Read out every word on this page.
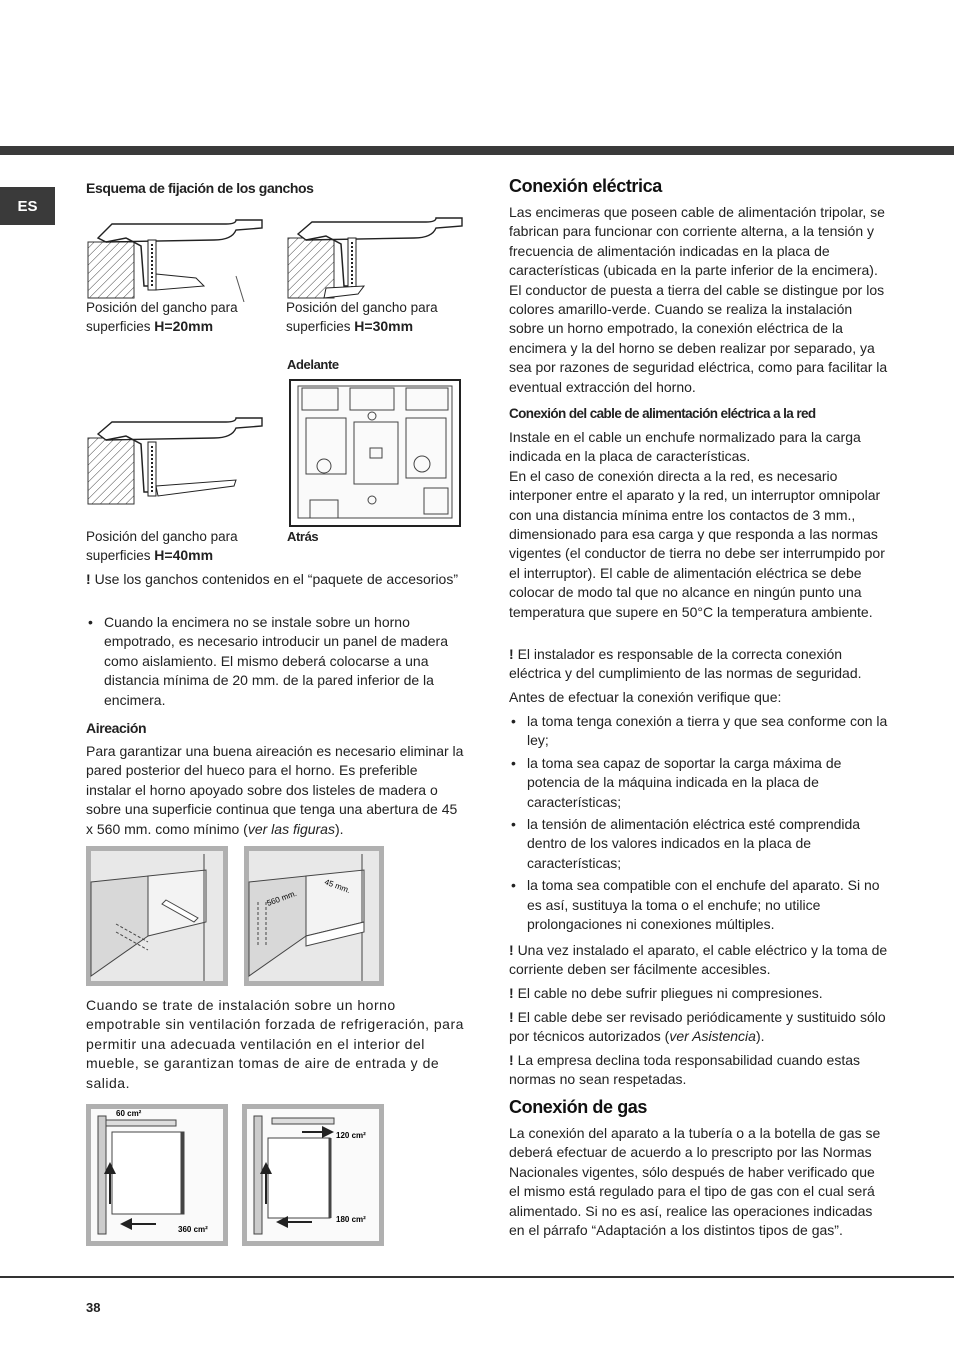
ES
Esquema de fijación de los ganchos
Posición del gancho para superficies H=20mm
Posición del gancho para superficies H=30mm
Adelante
Atrás
Posición del gancho para superficies H=40mm
! Use los ganchos contenidos en el “paquete de accesorios”
• Cuando la encimera no se instale sobre un horno empotrado, es necesario introducir un panel de madera como aislamiento. El mismo deberá colocarse a una distancia mínima de 20 mm. de la pared inferior de la encimera.
Aireación
Para garantizar una buena aireación es necesario eliminar la pared posterior del hueco para el horno. Es preferible instalar el horno apoyado sobre dos listeles de madera o sobre una superficie continua que tenga una abertura de 45 x 560 mm. como mínimo (ver las figuras).
560 mm.
45 mm.
Cuando se trate de instalación sobre un horno empotrable sin ventilación forzada de refrigeración, para permitir una adecuada ventilación en el interior del mueble, se garantizan tomas de aire de entrada y de salida.
60 cm²
360 cm²
120 cm²
180 cm²
Conexión eléctrica
Las encimeras que poseen cable de alimentación tripolar, se fabrican para funcionar con corriente alterna, a la tensión y frecuencia de alimentación indicadas en la placa de características (ubicada en la parte inferior de la encimera). El conductor de puesta a tierra del cable se distingue por los colores amarillo-verde. Cuando se realiza la instalación sobre un horno empotrado, la conexión eléctrica de la encimera y la del horno se deben realizar por separado, ya sea por razones de seguridad eléctrica, como para facilitar la eventual extracción del horno.
Conexión del cable de alimentación eléctrica a la red
Instale en el cable un enchufe normalizado para la carga indicada en la placa de características.
En el caso de conexión directa a la red, es necesario interponer entre el aparato y la red, un interruptor omnipolar con una distancia mínima entre los contactos de 3 mm., dimensionado para esa carga y que responda a las normas vigentes (el conductor de tierra no debe ser interrumpido por el interruptor). El cable de alimentación eléctrica se debe colocar de modo tal que no alcance en ningún punto una temperatura que supere en 50°C la temperatura ambiente.
! El instalador es responsable de la correcta conexión eléctrica y del cumplimiento de las normas de seguridad.
Antes de efectuar la conexión verifique que:
• la toma tenga conexión a tierra y que sea conforme con la ley;
• la toma sea capaz de soportar la carga máxima de potencia de la máquina indicada en la placa de características;
• la tensión de alimentación eléctrica esté comprendida dentro de los valores indicados en la placa de características;
• la toma sea compatible con el enchufe del aparato. Si no es así, sustituya la toma o el enchufe; no utilice prolongaciones ni conexiones múltiples.
! Una vez instalado el aparato, el cable eléctrico y la toma de corriente deben ser fácilmente accesibles.
! El cable no debe sufrir pliegues ni compresiones.
! El cable debe ser revisado periódicamente y sustituido sólo por técnicos autorizados (ver Asistencia).
! La empresa declina toda responsabilidad cuando estas normas no sean respetadas.
Conexión de gas
La conexión del aparato a la tubería o a la botella de gas se deberá efectuar de acuerdo a lo prescripto por las Normas Nacionales vigentes, sólo después de haber verificado que el mismo está regulado para el tipo de gas con el cual será alimentado. Si no es así, realice las operaciones indicadas en el párrafo “Adaptación a los distintos tipos de gas”.
38
